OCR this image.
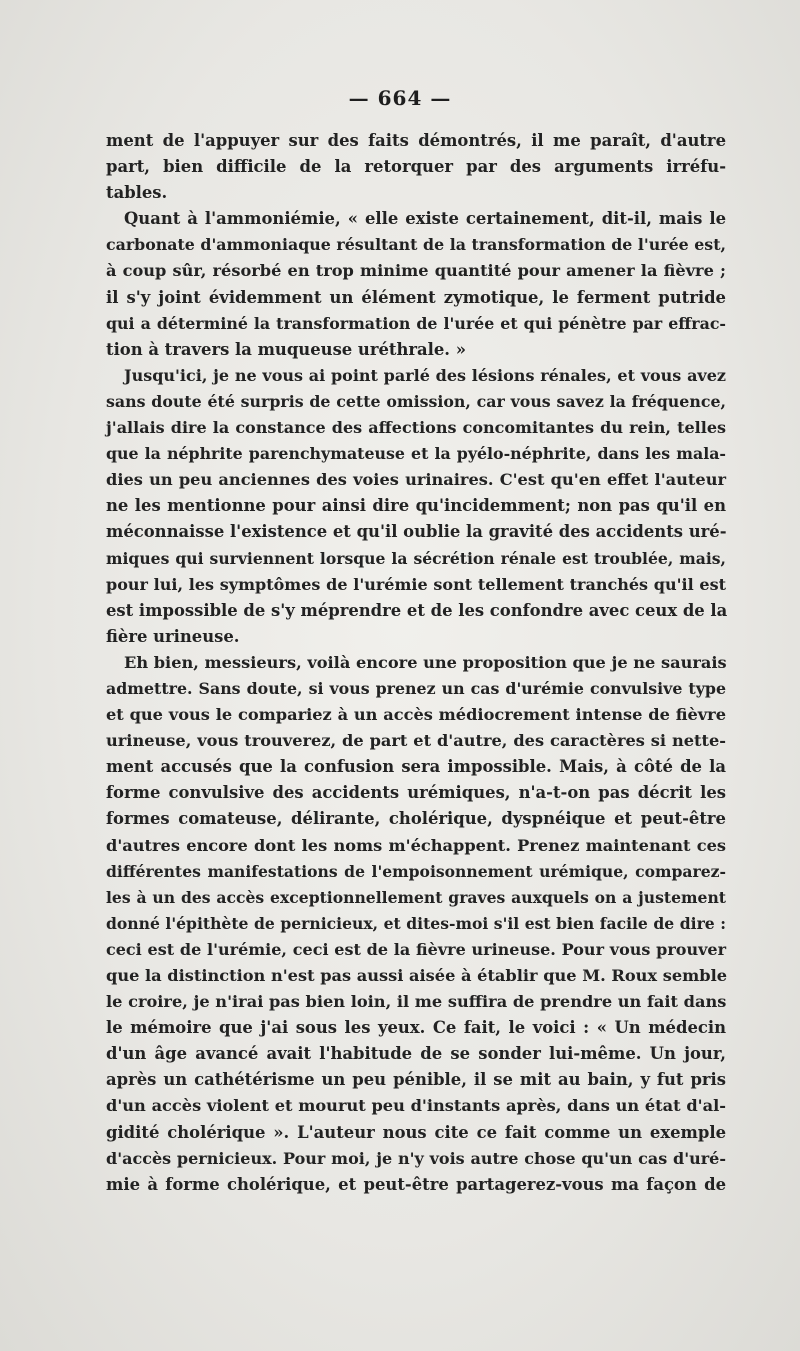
— 664 —
ment de l'appuyer sur des faits démontrés, il me paraît, d'autre
part, bien difficile de la retorquer par des arguments irréfu-
tables.
Quant à l'ammoniémie, « elle existe certainement, dit-il, mais le
carbonate d'ammoniaque résultant de la transformation de l'urée est,
à coup sûr, résorbé en trop minime quantité pour amener la fièvre ;
il s'y joint évidemment un élément zymotique, le ferment putride
qui a déterminé la transformation de l'urée et qui pénètre par effrac-
tion à travers la muqueuse uréthrale. »
Jusqu'ici, je ne vous ai point parlé des lésions rénales, et vous avez
sans doute été surpris de cette omission, car vous savez la fréquence,
j'allais dire la constance des affections concomitantes du rein, telles
que la néphrite parenchymateuse et la pyélo-néphrite, dans les mala-
dies un peu anciennes des voies urinaires. C'est qu'en effet l'auteur
ne les mentionne pour ainsi dire qu'incidemment; non pas qu'il en
méconnaisse l'existence et qu'il oublie la gravité des accidents uré-
miques qui surviennent lorsque la sécrétion rénale est troublée, mais,
pour lui, les symptômes de l'urémie sont tellement tranchés qu'il est
est impossible de s'y méprendre et de les confondre avec ceux de la
fière urineuse.
Eh bien, messieurs, voilà encore une proposition que je ne saurais
admettre. Sans doute, si vous prenez un cas d'urémie convulsive type
et que vous le compariez à un accès médiocrement intense de fièvre
urineuse, vous trouverez, de part et d'autre, des caractères si nette-
ment accusés que la confusion sera impossible. Mais, à côté de la
forme convulsive des accidents urémiques, n'a-t-on pas décrit les
formes comateuse, délirante, cholérique, dyspnéique et peut-être
d'autres encore dont les noms m'échappent. Prenez maintenant ces
différentes manifestations de l'empoisonnement urémique, comparez-
les à un des accès exceptionnellement graves auxquels on a justement
donné l'épithète de pernicieux, et dites-moi s'il est bien facile de dire :
ceci est de l'urémie, ceci est de la fièvre urineuse. Pour vous prouver
que la distinction n'est pas aussi aisée à établir que M. Roux semble
le croire, je n'irai pas bien loin, il me suffira de prendre un fait dans
le mémoire que j'ai sous les yeux. Ce fait, le voici : « Un médecin
d'un âge avancé avait l'habitude de se sonder lui-même. Un jour,
après un cathétérisme un peu pénible, il se mit au bain, y fut pris
d'un accès violent et mourut peu d'instants après, dans un état d'al-
gidité cholérique ». L'auteur nous cite ce fait comme un exemple
d'accès pernicieux. Pour moi, je n'y vois autre chose qu'un cas d'uré-
mie à forme cholérique, et peut-être partagerez-vous ma façon de
